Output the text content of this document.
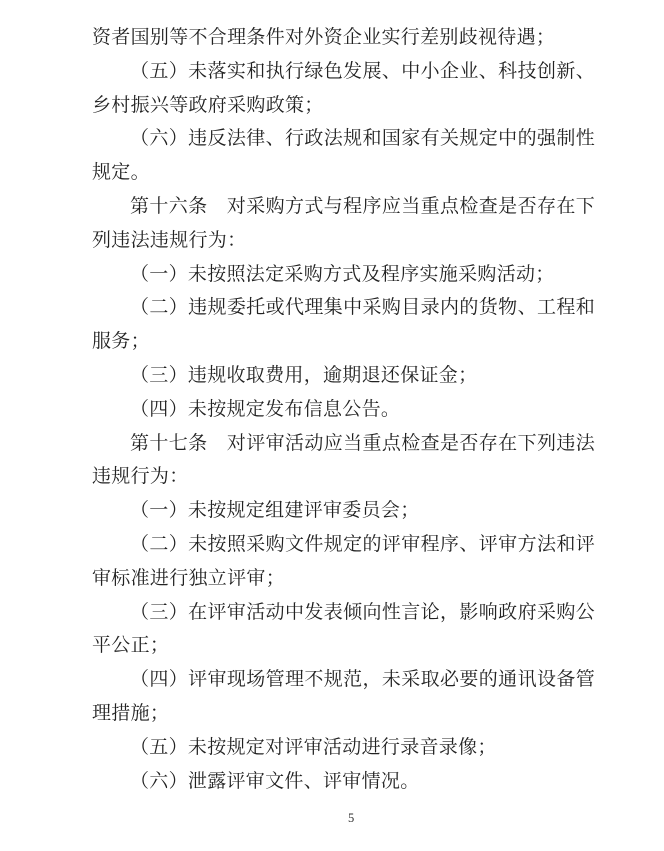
资者国别等不合理条件对外资企业实行差别歧视待遇；

（五）未落实和执行绿色发展、中小企业、科技创新、乡村振兴等政府采购政策；

（六）违反法律、行政法规和国家有关规定中的强制性规定。

第十六条　对采购方式与程序应当重点检查是否存在下列违法违规行为：

（一）未按照法定采购方式及程序实施采购活动；

（二）违规委托或代理集中采购目录内的货物、工程和服务；

（三）违规收取费用，逾期退还保证金；

（四）未按规定发布信息公告。

第十七条　对评审活动应当重点检查是否存在下列违法违规行为：

（一）未按规定组建评审委员会；

（二）未按照采购文件规定的评审程序、评审方法和评审标准进行独立评审；

（三）在评审活动中发表倾向性言论，影响政府采购公平公正；

（四）评审现场管理不规范，未采取必要的通讯设备管理措施；

（五）未按规定对评审活动进行录音录像；

（六）泄露评审文件、评审情况。

5
